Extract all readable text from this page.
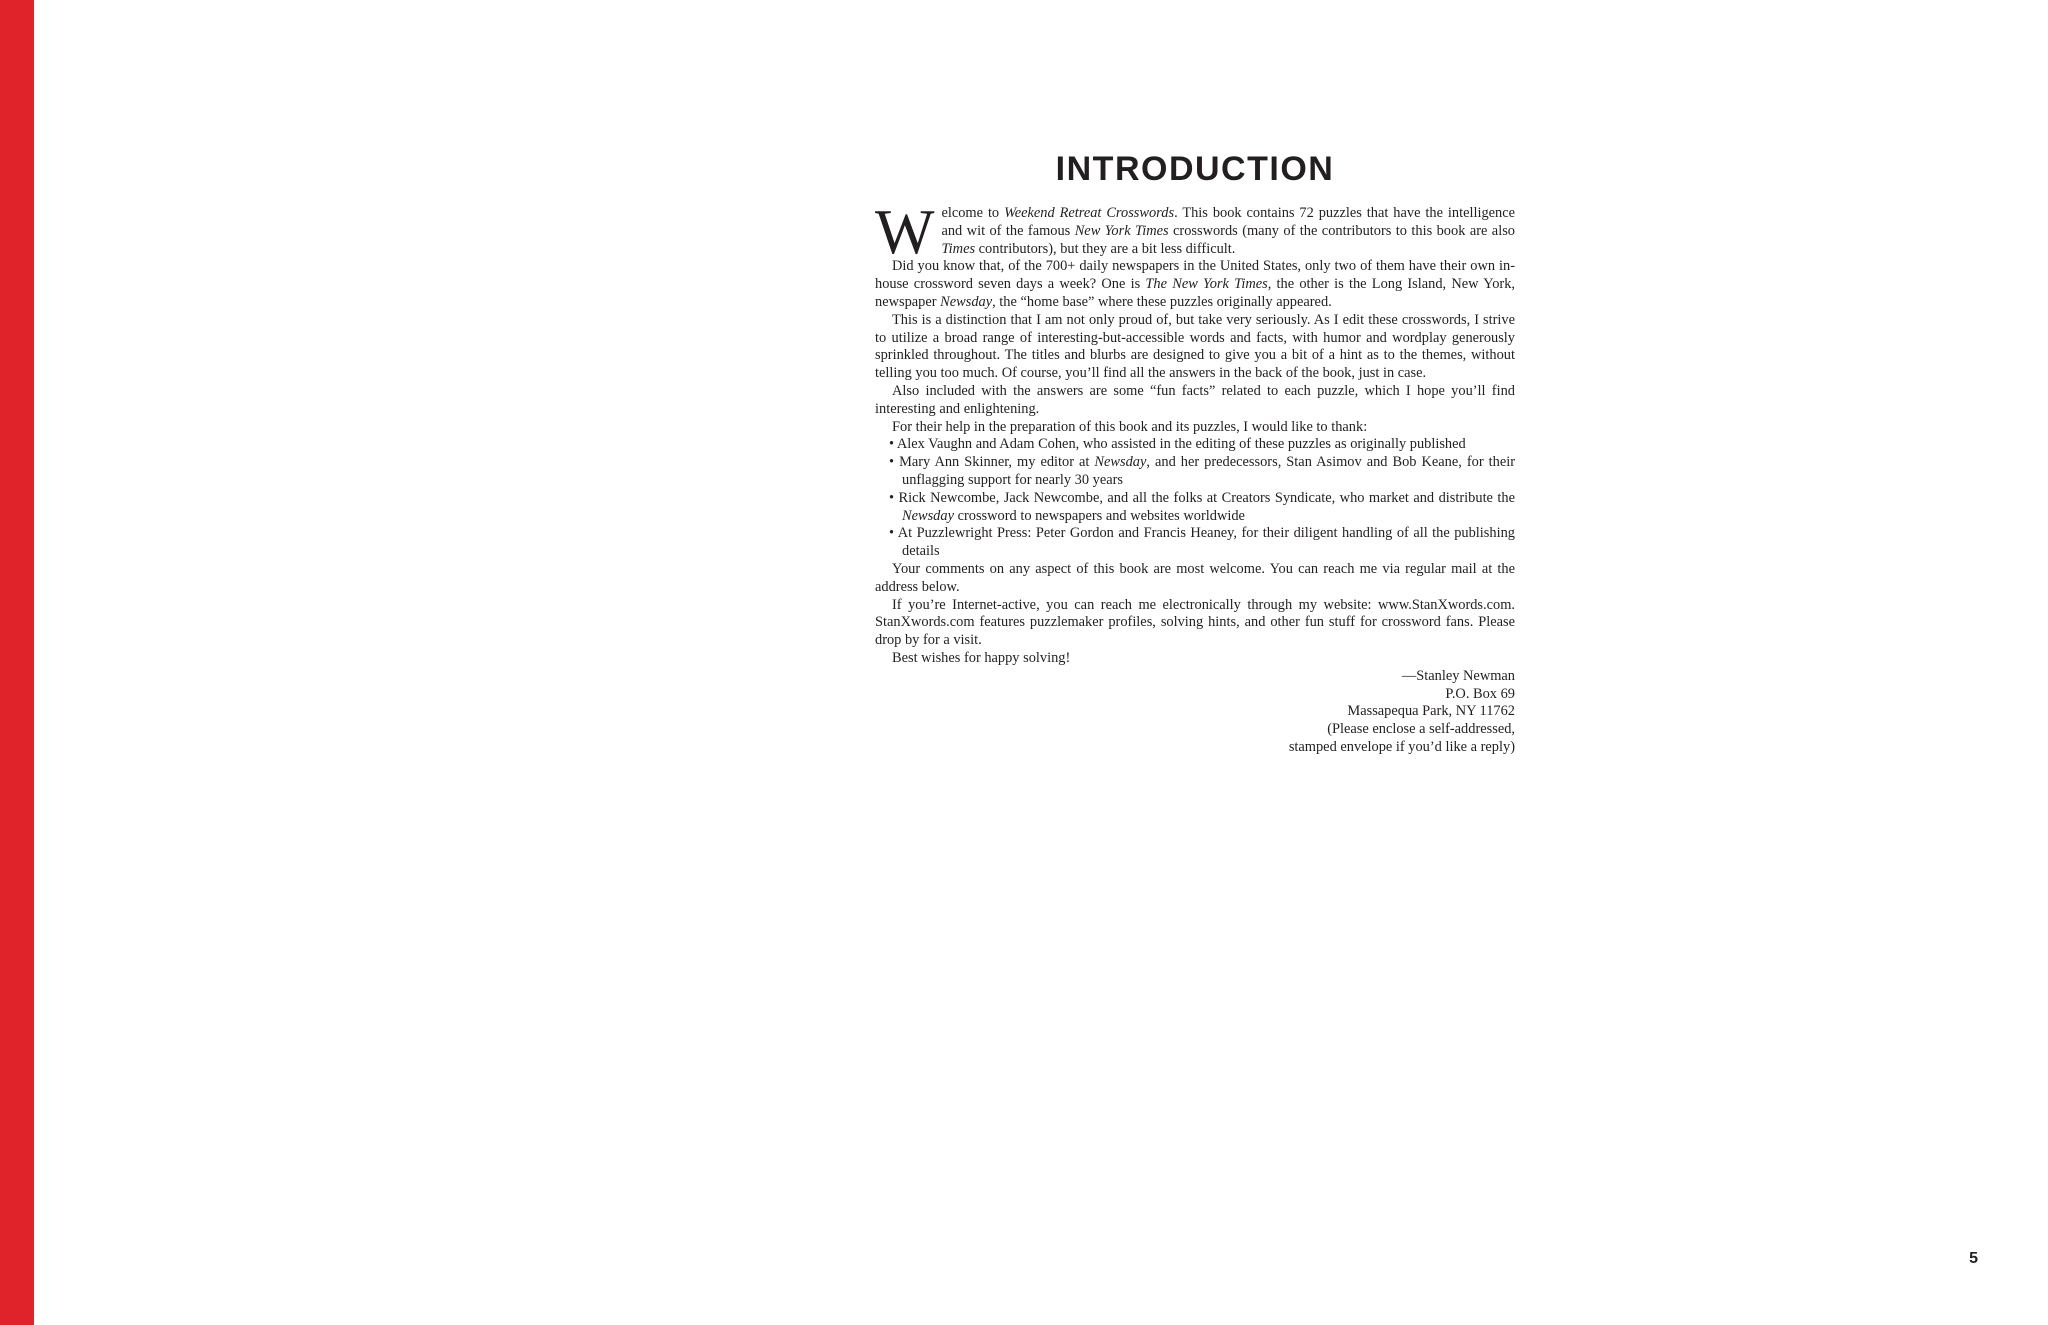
INTRODUCTION

Welcome to Weekend Retreat Crosswords. This book contains 72 puzzles that have the intelligence and wit of the famous New York Times crosswords (many of the contributors to this book are also Times contributors), but they are a bit less difficult.

Did you know that, of the 700+ daily newspapers in the United States, only two of them have their own in-house crossword seven days a week? One is The New York Times, the other is the Long Island, New York, newspaper Newsday, the “home base” where these puzzles originally appeared.

This is a distinction that I am not only proud of, but take very seriously. As I edit these crosswords, I strive to utilize a broad range of interesting-but-accessible words and facts, with humor and wordplay generously sprinkled throughout. The titles and blurbs are designed to give you a bit of a hint as to the themes, without telling you too much. Of course, you’ll find all the answers in the back of the book, just in case.

Also included with the answers are some “fun facts” related to each puzzle, which I hope you’ll find interesting and enlightening.

For their help in the preparation of this book and its puzzles, I would like to thank:

• Alex Vaughn and Adam Cohen, who assisted in the editing of these puzzles as originally published

• Mary Ann Skinner, my editor at Newsday, and her predecessors, Stan Asimov and Bob Keane, for their unflagging support for nearly 30 years

• Rick Newcombe, Jack Newcombe, and all the folks at Creators Syndicate, who market and distribute the Newsday crossword to newspapers and websites worldwide

• At Puzzlewright Press: Peter Gordon and Francis Heaney, for their diligent handling of all the publishing details

Your comments on any aspect of this book are most welcome. You can reach me via regular mail at the address below.

If you’re Internet-active, you can reach me electronically through my website: www.StanXwords.com. StanXwords.com features puzzlemaker profiles, solving hints, and other fun stuff for crossword fans. Please drop by for a visit.

Best wishes for happy solving!

—Stanley Newman
P.O. Box 69
Massapequa Park, NY 11762
(Please enclose a self-addressed,
stamped envelope if you’d like a reply)
5
